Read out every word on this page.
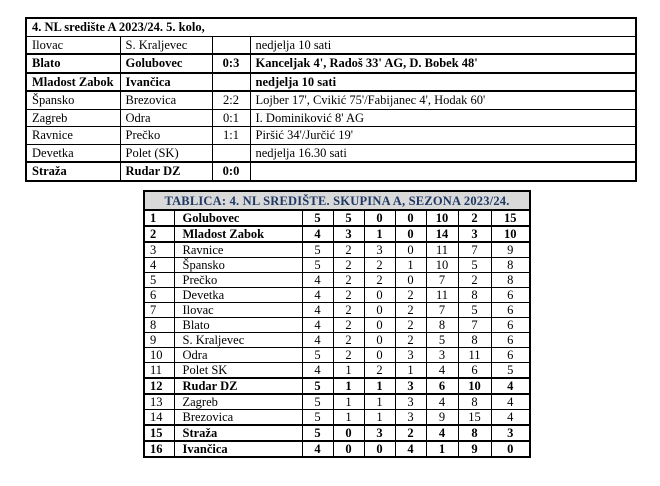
4. NL središte A 2023/24. 5. kolo,			
Ilovac	S. Kraljevec		nedjelja 10 sati
Blato	Golubovec	0:3	Kanceljak 4', Radoš 33' AG, D. Bobek 48'
Mladost Zabok	Ivančica		nedjelja 10 sati
Špansko	Brezovica	2:2	Lojber 17', Cvikić 75'/Fabijanec 4', Hodak 60'
Zagreb	Odra	0:1	I. Dominiković 8' AG
Ravnice	Prečko	1:1	Piršić 34'/Jurčić 19'
Devetka	Polet (SK)		nedjelja 16.30 sati
Straža	Rudar DZ	0:0	
TABLICA: 4. NL SREDIŠTE. SKUPINA A, SEZONA 2023/24.								
1	Golubovec	5	5	0	0	10	2	15
2	Mladost Zabok	4	3	1	0	14	3	10
3	Ravnice	5	2	3	0	11	7	9
4	Špansko	5	2	2	1	10	5	8
5	Prečko	4	2	2	0	7	2	8
6	Devetka	4	2	0	2	11	8	6
7	Ilovac	4	2	0	2	7	5	6
8	Blato	4	2	0	2	8	7	6
9	S. Kraljevec	4	2	0	2	5	8	6
10	Odra	5	2	0	3	3	11	6
11	Polet SK	4	1	2	1	4	6	5
12	Rudar DZ	5	1	1	3	6	10	4
13	Zagreb	5	1	1	3	4	8	4
14	Brezovica	5	1	1	3	9	15	4
15	Straža	5	0	3	2	4	8	3
16	Ivančica	4	0	0	4	1	9	0
